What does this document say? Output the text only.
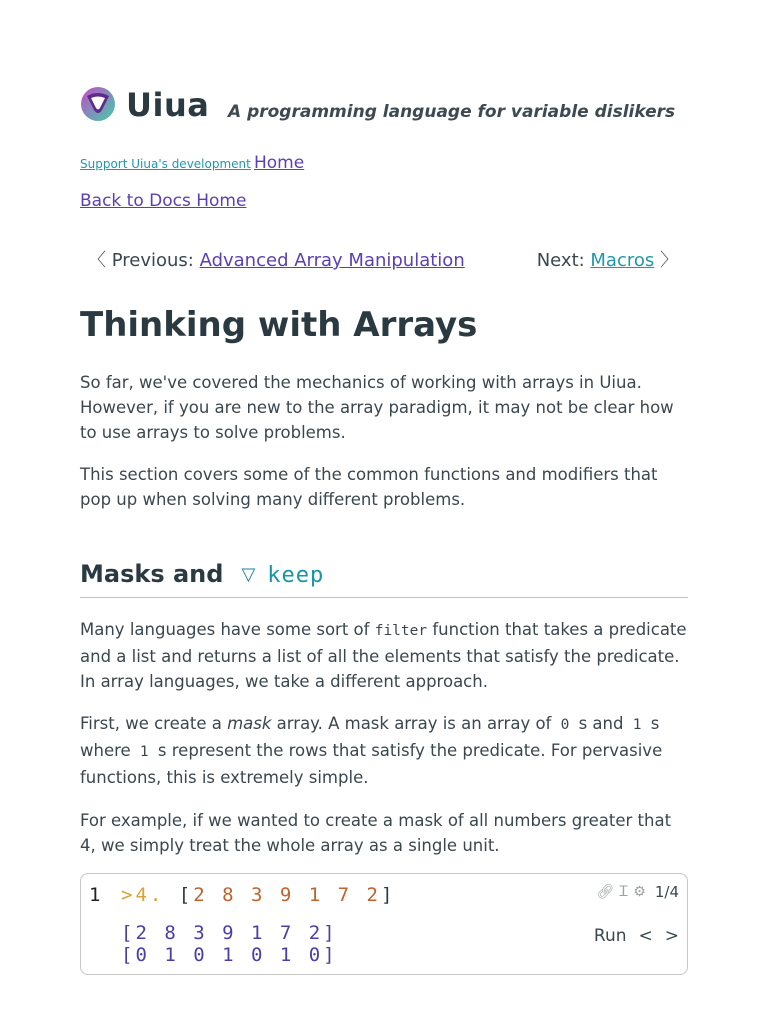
Uiua A programming language for variable dislikers
Support Uiua's development Home
Back to Docs Home
〈 Previous: Advanced Array Manipulation	Next: Macros 〉
Thinking with Arrays
So far, we've covered the mechanics of working with arrays in Uiua. However, if you are new to the array paradigm, it may not be clear how to use arrays to solve problems.
This section covers some of the common functions and modifiers that pop up when solving many different problems.
Masks and ▽ keep
Many languages have some sort of filter function that takes a predicate and a list and returns a list of all the elements that satisfy the predicate. In array languages, we take a different approach.
First, we create a mask array. A mask array is an array of 0 s and 1 s where 1 s represent the rows that satisfy the predicate. For pervasive functions, this is extremely simple.
For example, if we wanted to create a mask of all numbers greater that 4, we simply treat the whole array as a single unit.
1 >4. [2 8 3 9 1 7 2]
[2 8 3 9 1 7 2]
[0 1 0 1 0 1 0]
🔗︎ Ꮖ ⚙ 1/4
Run < >
